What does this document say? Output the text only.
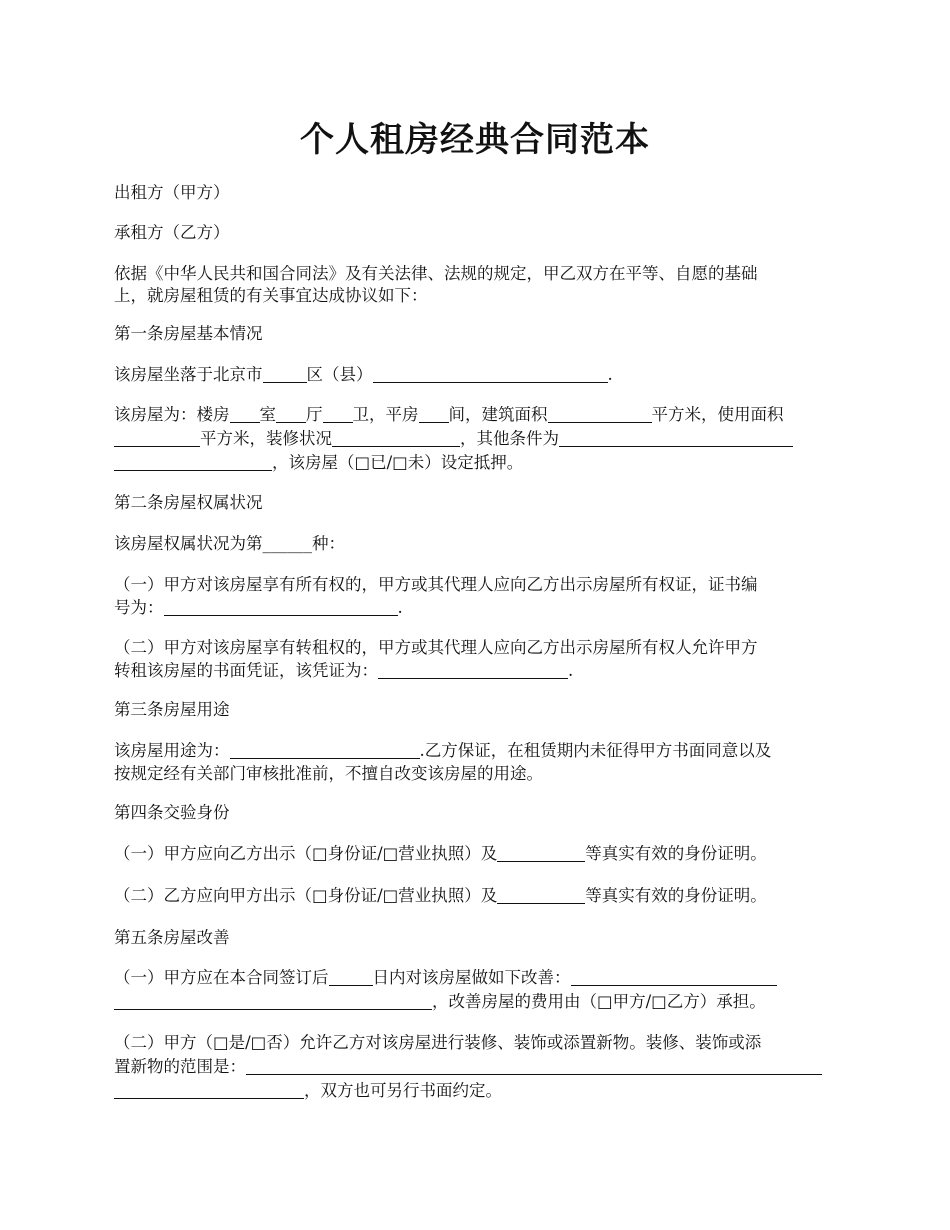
个人租房经典合同范本
出租方（甲方）
承租方（乙方）
依据《中华人民共和国合同法》及有关法律、法规的规定，甲乙双方在平等、自愿的基础
上，就房屋租赁的有关事宜达成协议如下：
第一条房屋基本情况
该房屋坐落于北京市	区（县）	.
该房屋为：楼房 室 厅 卫，平房 间，建筑面积	平方米，使用面积
平方米，装修状况	，其他条件为
，该房屋（□已/□未）设定抵押。
第二条房屋权属状况
该房屋权属状况为第______种：
（一）甲方对该房屋享有所有权的，甲方或其代理人应向乙方出示房屋所有权证，证书编
号为：	.
（二）甲方对该房屋享有转租权的，甲方或其代理人应向乙方出示房屋所有权人允许甲方
转租该房屋的书面凭证，该凭证为：	.
第三条房屋用途
该房屋用途为：	.乙方保证，在租赁期内未征得甲方书面同意以及
按规定经有关部门审核批准前，不擅自改变该房屋的用途。
第四条交验身份
（一）甲方应向乙方出示（□身份证/□营业执照）及	等真实有效的身份证明。
（二）乙方应向甲方出示（□身份证/□营业执照）及	等真实有效的身份证明。
第五条房屋改善
（一）甲方应在本合同签订后	日内对该房屋做如下改善：
，改善房屋的费用由（□甲方/□乙方）承担。
（二）甲方（□是/□否）允许乙方对该房屋进行装修、装饰或添置新物。装修、装饰或添
置新物的范围是：
，双方也可另行书面约定。
